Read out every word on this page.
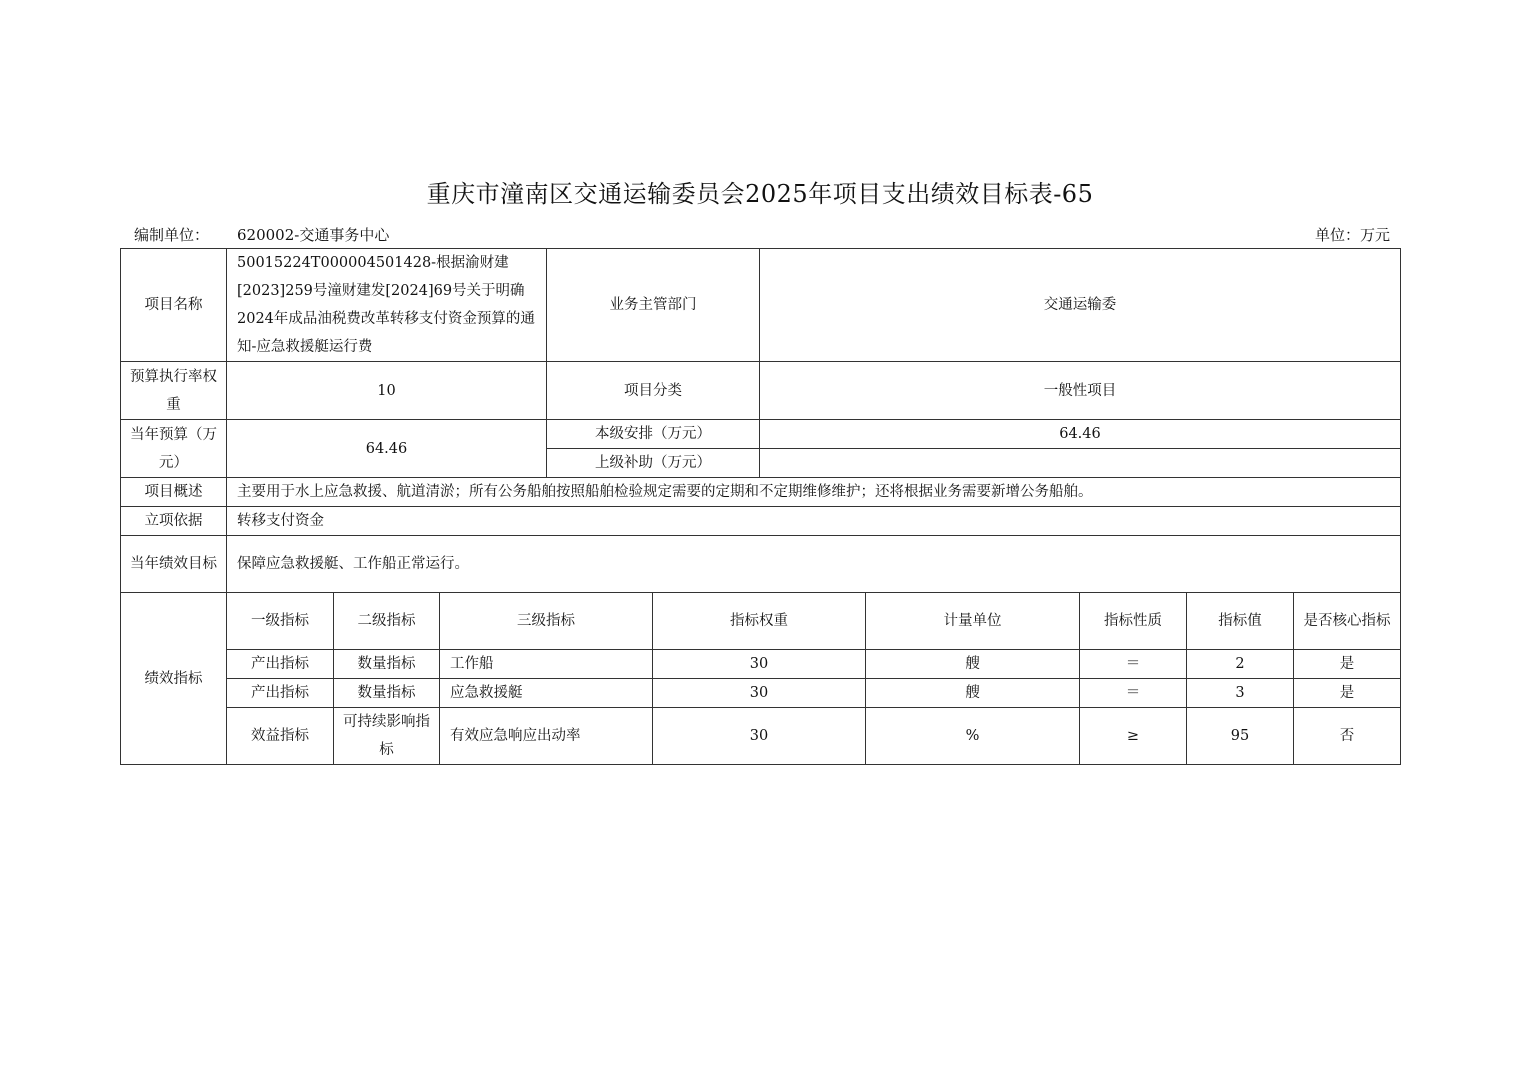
重庆市潼南区交通运输委员会2025年项目支出绩效目标表-65
编制单位： 620002-交通事务中心	单位：万元
项目名称	50015224T000004501428-根据渝财建[2023]259号潼财建发[2024]69号关于明确2024年成品油税费改革转移支付资金预算的通知-应急救援艇运行费	业务主管部门	交通运输委
预算执行率权重	10	项目分类	一般性项目
当年预算（万元）	64.46	本级安排（万元）	64.46
		上级补助（万元）	
项目概述	主要用于水上应急救援、航道清淤；所有公务船舶按照船舶检验规定需要的定期和不定期维修维护；还将根据业务需要新增公务船舶。		
立项依据	转移支付资金		
当年绩效目标	保障应急救援艇、工作船正常运行。		
绩效指标	一级指标	二级指标	三级指标	指标权重	计量单位	指标性质	指标值	是否核心指标
	产出指标	数量指标	工作船	30	艘	＝	2	是
	产出指标	数量指标	应急救援艇	30	艘	＝	3	是
	效益指标	可持续影响指标	有效应急响应出动率	30	%	≥	95	否
